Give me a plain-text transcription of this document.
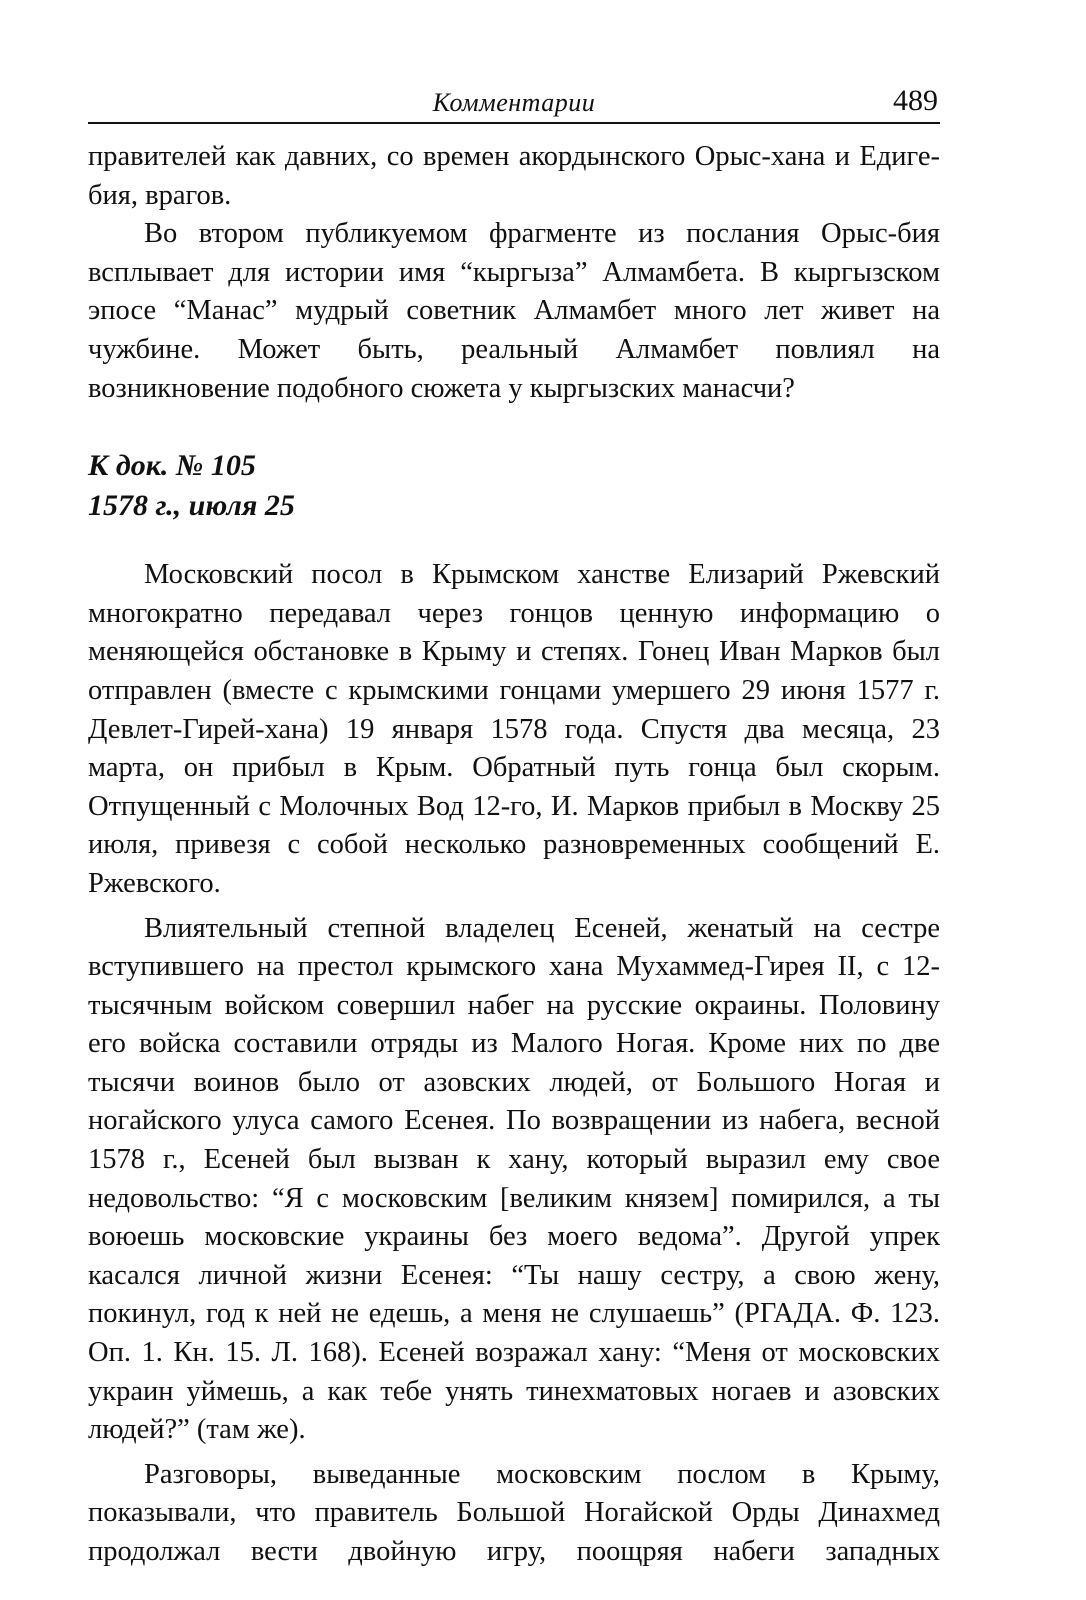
Комментарии	489

правителей как давних, со времен акордынского Орыс-хана и Едиге-бия, врагов.

Во втором публикуемом фрагменте из послания Орыс-бия всплывает для истории имя “кыргыза” Алмамбета. В кыргызском эпосе “Манас” мудрый советник Алмамбет много лет живет на чужбине. Может быть, реальный Алмамбет повлиял на возникновение подобного сюжета у кыргызских манасчи?

К док. № 105
1578 г., июля 25

Московский посол в Крымском ханстве Елизарий Ржевский многократно передавал через гонцов ценную информацию о меняющейся обстановке в Крыму и степях. Гонец Иван Марков был отправлен (вместе с крымскими гонцами умершего 29 июня 1577 г. Девлет-Гирей-хана) 19 января 1578 года. Спустя два месяца, 23 марта, он прибыл в Крым. Обратный путь гонца был скорым. Отпущенный с Молочных Вод 12-го, И. Марков прибыл в Москву 25 июля, привезя с собой несколько разновременных сообщений Е. Ржевского.

Влиятельный степной владелец Есеней, женатый на сестре вступившего на престол крымского хана Мухаммед-Гирея II, с 12-тысячным войском совершил набег на русские окраины. Половину его войска составили отряды из Малого Ногая. Кроме них по две тысячи воинов было от азовских людей, от Большого Ногая и ногайского улуса самого Есенея. По возвращении из набега, весной 1578 г., Есеней был вызван к хану, который выразил ему свое недовольство: “Я с московским [великим князем] помирился, а ты воюешь московские украины без моего ведома”. Другой упрек касался личной жизни Есенея: “Ты нашу сестру, а свою жену, покинул, год к ней не едешь, а меня не слушаешь” (РГАДА. Ф. 123. Оп. 1. Кн. 15. Л. 168). Есеней возражал хану: “Меня от московских украин уймешь, а как тебе унять тинехматовых ногаев и азовских людей?” (там же).

Разговоры, выведанные московским послом в Крыму, показывали, что правитель Большой Ногайской Орды Динахмед продолжал вести двойную игру, поощряя набеги западных
